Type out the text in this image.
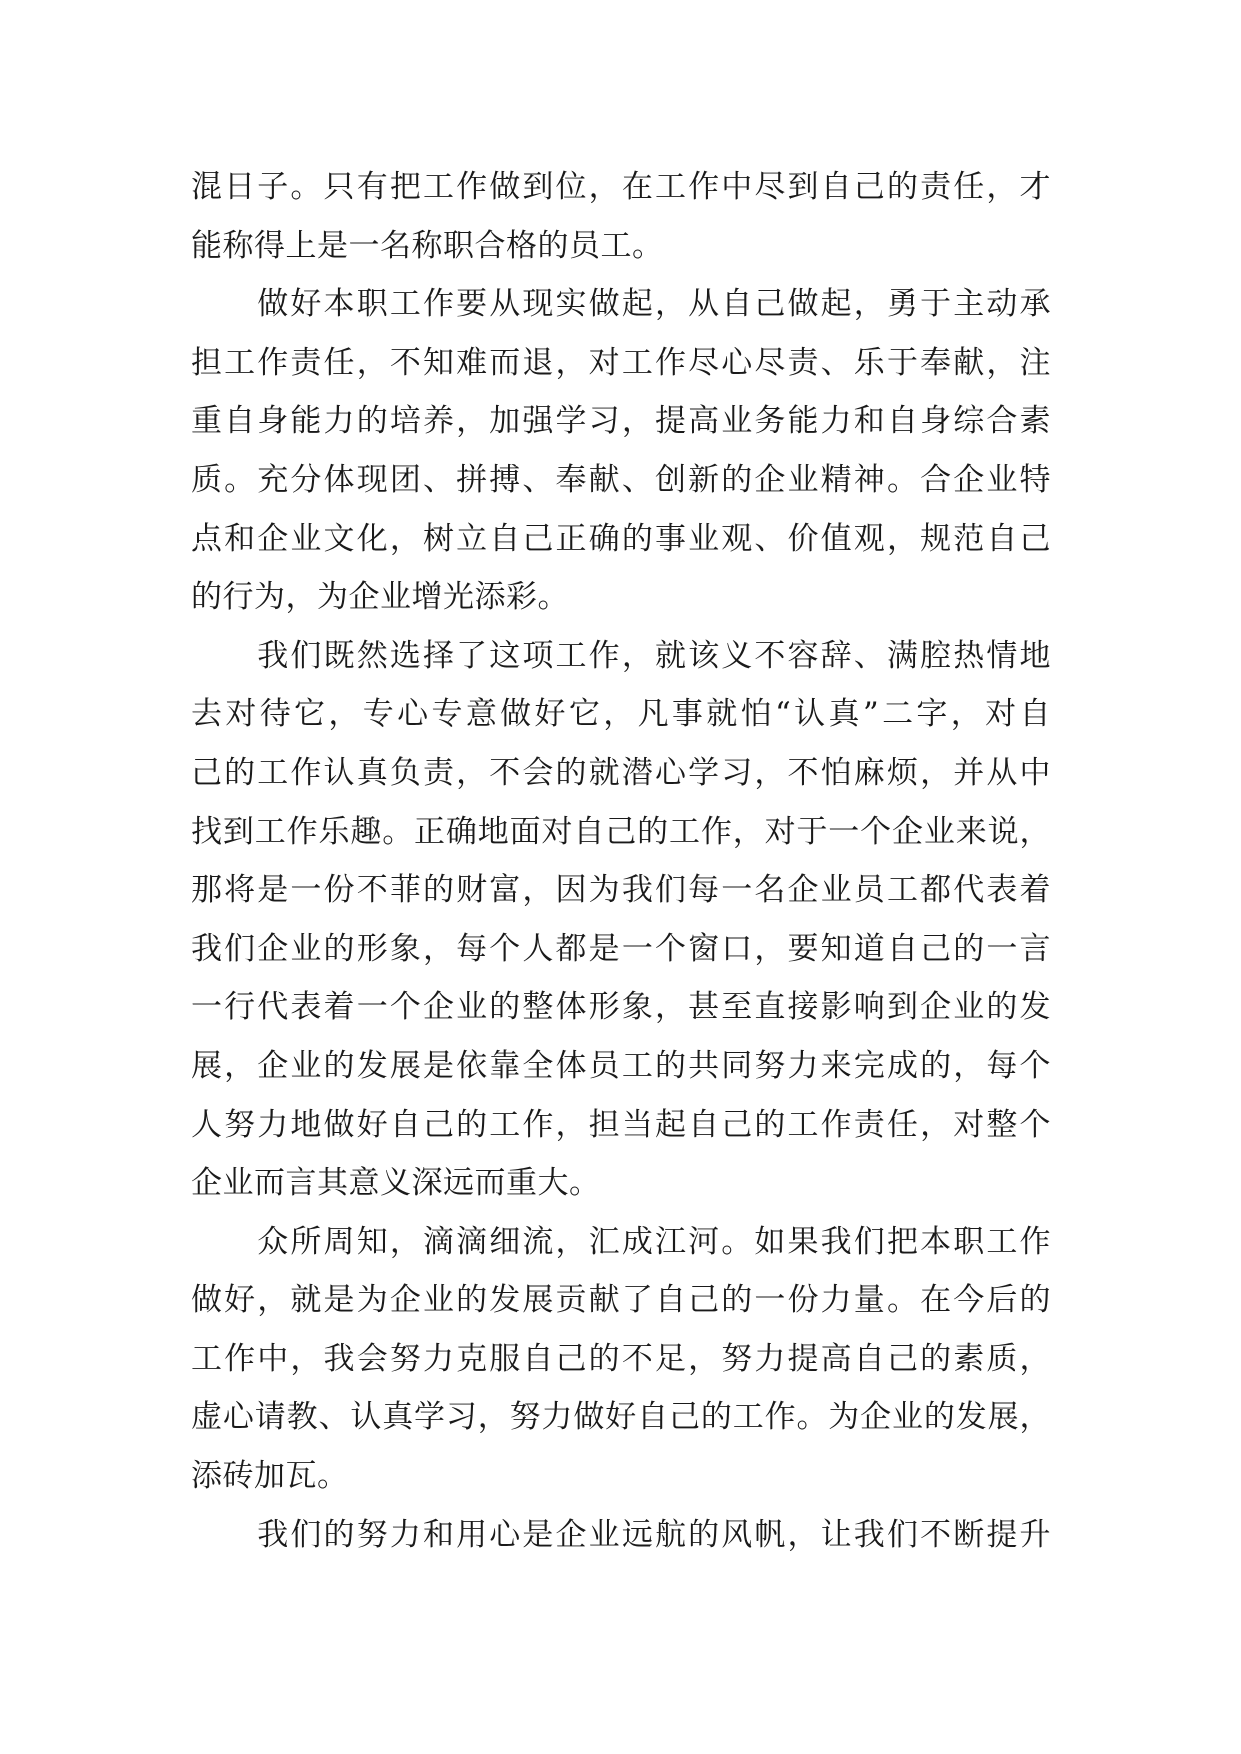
混日子。只有把工作做到位，在工作中尽到自己的责任，才
能称得上是一名称职合格的员工。
　　做好本职工作要从现实做起，从自己做起，勇于主动承
担工作责任，不知难而退，对工作尽心尽责、乐于奉献，注
重自身能力的培养，加强学习，提高业务能力和自身综合素
质。充分体现团、拼搏、奉献、创新的企业精神。合企业特
点和企业文化，树立自己正确的事业观、价值观，规范自己
的行为，为企业增光添彩。
　　我们既然选择了这项工作，就该义不容辞、满腔热情地
去对待它，专心专意做好它，凡事就怕“认真”二字，对自
己的工作认真负责，不会的就潜心学习，不怕麻烦，并从中
找到工作乐趣。正确地面对自己的工作，对于一个企业来说，
那将是一份不菲的财富，因为我们每一名企业员工都代表着
我们企业的形象，每个人都是一个窗口，要知道自己的一言
一行代表着一个企业的整体形象，甚至直接影响到企业的发
展，企业的发展是依靠全体员工的共同努力来完成的，每个
人努力地做好自己的工作，担当起自己的工作责任，对整个
企业而言其意义深远而重大。
　　众所周知，滴滴细流，汇成江河。如果我们把本职工作
做好，就是为企业的发展贡献了自己的一份力量。在今后的
工作中，我会努力克服自己的不足，努力提高自己的素质，
虚心请教、认真学习，努力做好自己的工作。为企业的发展，
添砖加瓦。
　　我们的努力和用心是企业远航的风帆，让我们不断提升
